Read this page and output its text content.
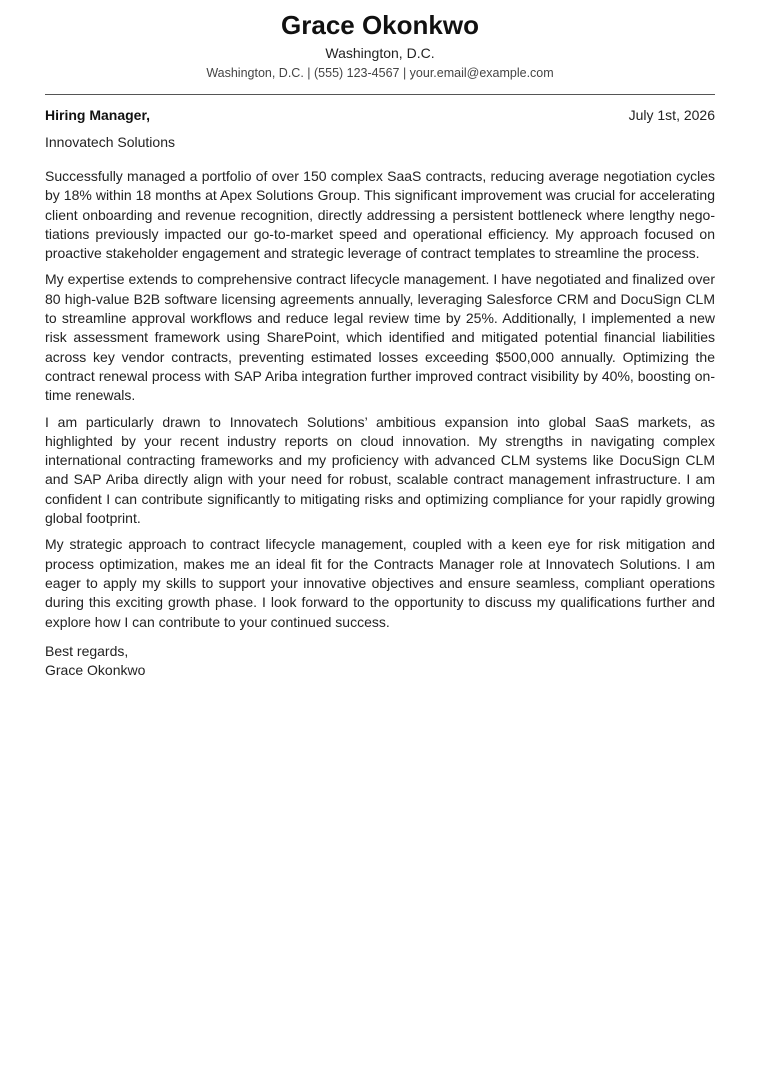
Grace Okonkwo
Washington, D.C.
Washington, D.C. | (555) 123-4567 | your.email@example.com
Hiring Manager,	July 1st, 2026
Innovatech Solutions

Successfully managed a portfolio of over 150 complex SaaS contracts, reducing average negotiation cycles by 18% within 18 months at Apex Solutions Group. This significant improvement was crucial for accelerating client onboarding and revenue recognition, directly addressing a persistent bottleneck where lengthy negotiations previously impacted our go-to-market speed and operational efficiency. My approach focused on proactive stakeholder engagement and strategic leverage of contract templates to streamline the process.

My expertise extends to comprehensive contract lifecycle management. I have negotiated and finalized over 80 high-value B2B software licensing agreements annually, leveraging Salesforce CRM and DocuSign CLM to streamline approval workflows and reduce legal review time by 25%. Additionally, I implemented a new risk assessment framework using SharePoint, which identified and mitigated potential financial liabilities across key vendor contracts, preventing estimated losses exceeding $500,000 annually. Optimizing the contract renewal process with SAP Ariba integration further improved contract visibility by 40%, boosting on-time renewals.

I am particularly drawn to Innovatech Solutions’ ambitious expansion into global SaaS markets, as highlighted by your recent industry reports on cloud innovation. My strengths in navigating complex international contracting frameworks and my proficiency with advanced CLM systems like DocuSign CLM and SAP Ariba directly align with your need for robust, scalable contract management infrastructure. I am confident I can contribute significantly to mitigating risks and optimizing compliance for your rapidly growing global footprint.

My strategic approach to contract lifecycle management, coupled with a keen eye for risk mitigation and process optimization, makes me an ideal fit for the Contracts Manager role at Innovatech Solutions. I am eager to apply my skills to support your innovative objectives and ensure seamless, compliant operations during this exciting growth phase. I look forward to the opportunity to discuss my qualifications further and explore how I can contribute to your continued success.

Best regards,
Grace Okonkwo
